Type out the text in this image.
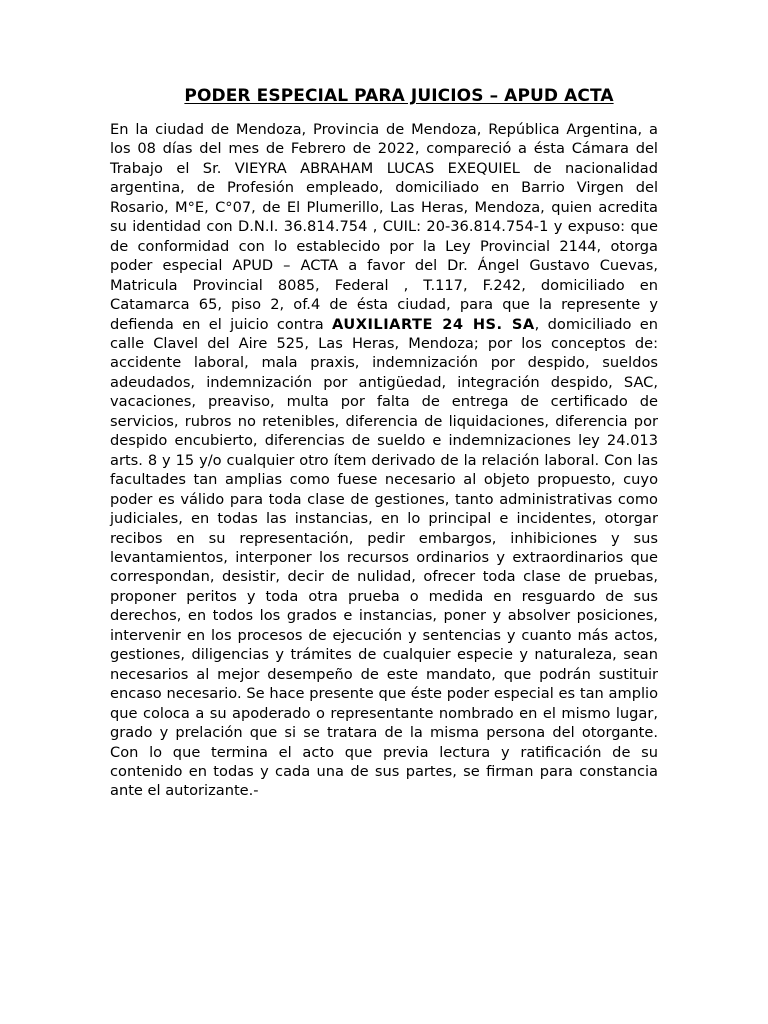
PODER ESPECIAL PARA JUICIOS – APUD ACTA

En la ciudad de Mendoza, Provincia de Mendoza, República Argentina, a los 08 días del mes de Febrero de 2022, compareció a ésta Cámara del Trabajo el Sr. VIEYRA ABRAHAM LUCAS EXEQUIEL de nacionalidad argentina, de Profesión empleado, domiciliado en Barrio Virgen del Rosario, M°E, C°07, de El Plumerillo, Las Heras, Mendoza, quien acredita su identidad con D.N.I. 36.814.754 , CUIL: 20-36.814.754-1 y expuso: que de conformidad con lo establecido por la Ley Provincial 2144, otorga poder especial APUD – ACTA a favor del Dr. Ángel Gustavo Cuevas, Matricula Provincial 8085, Federal , T.117, F.242, domiciliado en Catamarca 65, piso 2, of.4 de ésta ciudad, para que la represente y defienda en el juicio contra AUXILIARTE 24 HS. SA, domiciliado en calle Clavel del Aire 525, Las Heras, Mendoza; por los conceptos de: accidente laboral, mala praxis, indemnización por despido, sueldos adeudados, indemnización por antigüedad, integración despido, SAC, vacaciones, preaviso, multa por falta de entrega de certificado de servicios, rubros no retenibles, diferencia de liquidaciones, diferencia por despido encubierto, diferencias de sueldo e indemnizaciones ley 24.013 arts. 8 y 15 y/o cualquier otro ítem derivado de la relación laboral. Con las facultades tan amplias como fuese necesario al objeto propuesto, cuyo poder es válido para toda clase de gestiones, tanto administrativas como judiciales, en todas las instancias, en lo principal e incidentes, otorgar recibos en su representación, pedir embargos, inhibiciones y sus levantamientos, interponer los recursos ordinarios y extraordinarios que correspondan, desistir, decir de nulidad, ofrecer toda clase de pruebas, proponer peritos y toda otra prueba o medida en resguardo de sus derechos, en todos los grados e instancias, poner y absolver posiciones, intervenir en los procesos de ejecución y sentencias y cuanto más actos, gestiones, diligencias y trámites de cualquier especie y naturaleza, sean necesarios al mejor desempeño de este mandato, que podrán sustituir encaso necesario. Se hace presente que éste poder especial es tan amplio que coloca a su apoderado o representante nombrado en el mismo lugar, grado y prelación que si se tratara de la misma persona del otorgante. Con lo que termina el acto que previa lectura y ratificación de su contenido en todas y cada una de sus partes, se firman para constancia ante el autorizante.-
